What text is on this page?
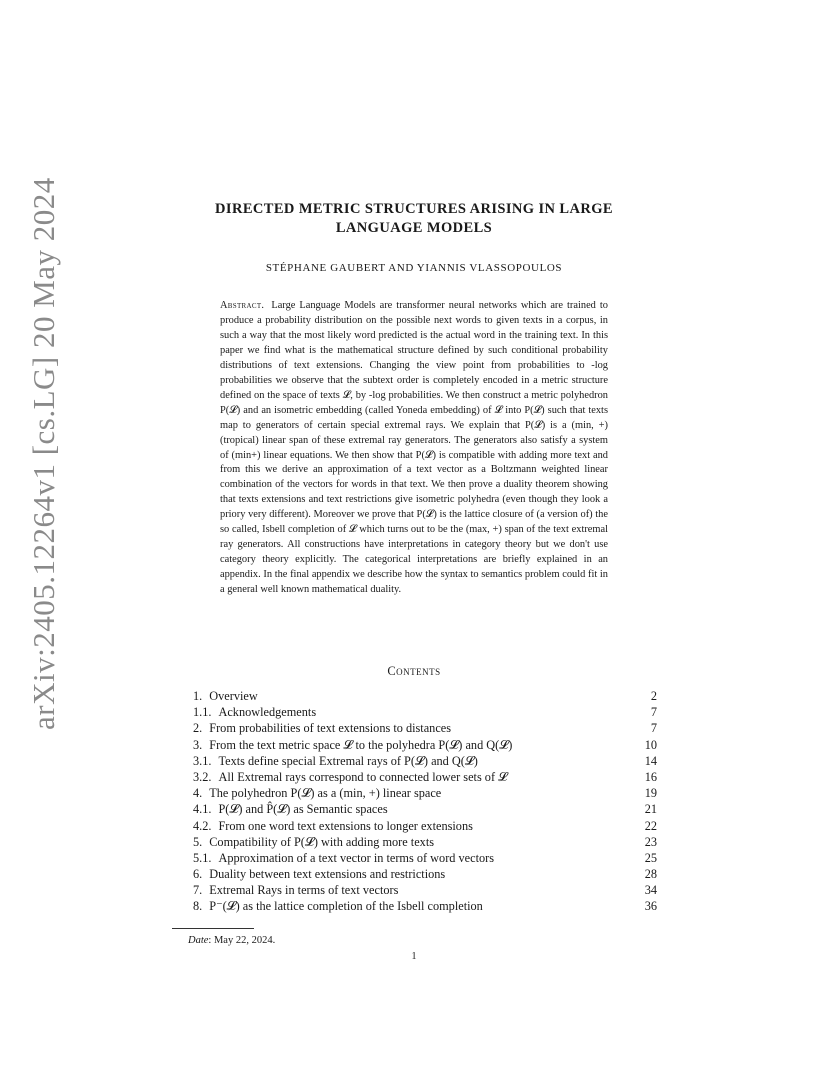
arXiv:2405.12264v1 [cs.LG] 20 May 2024	DIRECTED METRIC STRUCTURES ARISING IN LARGE
LANGUAGE MODELS
STÉPHANE GAUBERT AND YIANNIS VLASSOPOULOS
Abstract. Large Language Models are transformer neural networks which are trained to produce a probability distribution on the possible next words to given texts in a corpus, in such a way that the most likely word predicted is the actual word in the training text. In this paper we find what is the mathematical structure defined by such conditional probability distributions of text extensions. Changing the view point from probabilities to -log probabilities we observe that the subtext order is completely encoded in a metric structure defined on the space of texts 𝓛, by -log probabilities. We then construct a metric polyhedron P(𝓛) and an isometric embedding (called Yoneda embedding) of 𝓛 into P(𝓛) such that texts map to generators of certain special extremal rays. We explain that P(𝓛) is a (min, +) (tropical) linear span of these extremal ray generators. The generators also satisfy a system of (min+) linear equations. We then show that P(𝓛) is compatible with adding more text and from this we derive an approximation of a text vector as a Boltzmann weighted linear combination of the vectors for words in that text. We then prove a duality theorem showing that texts extensions and text restrictions give isometric polyhedra (even though they look a priory very different). Moreover we prove that P(𝓛) is the lattice closure of (a version of) the so called, Isbell completion of 𝓛 which turns out to be the (max, +) span of the text extremal ray generators. All constructions have interpretations in category theory but we don't use category theory explicitly. The categorical interpretations are briefly explained in an appendix. In the final appendix we describe how the syntax to semantics problem could fit in a general well known mathematical duality.
Contents
1. Overview	2
1.1. Acknowledgements	7
2. From probabilities of text extensions to distances	7
3. From the text metric space 𝓛 to the polyhedra P(𝓛) and Q(𝓛)	10
3.1. Texts define special Extremal rays of P(𝓛) and Q(𝓛)	14
3.2. All Extremal rays correspond to connected lower sets of 𝓛	16
4. The polyhedron P(𝓛) as a (min, +) linear space	19
4.1. P(𝓛) and P̂(𝓛) as Semantic spaces	21
4.2. From one word text extensions to longer extensions	22
5. Compatibility of P(𝓛) with adding more texts	23
5.1. Approximation of a text vector in terms of word vectors	25
6. Duality between text extensions and restrictions	28
7. Extremal Rays in terms of text vectors	34
8. P⁻(𝓛) as the lattice completion of the Isbell completion	36
Date: May 22, 2024.
1
